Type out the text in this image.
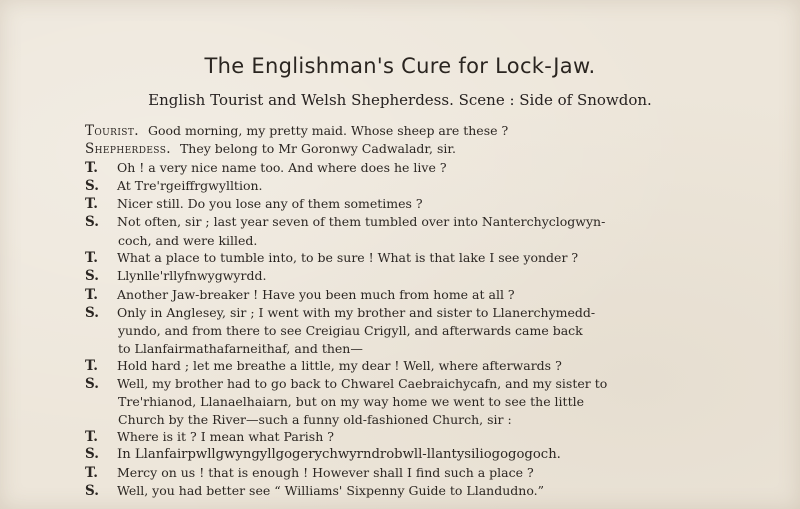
The Englishman's Cure for Lock-Jaw.
English Tourist and Welsh Shepherdess. Scene : Side of Snowdon.
Tourist. Good morning, my pretty maid. Whose sheep are these ?
Shepherdess. They belong to Mr Goronwy Cadwaladr, sir.
T.	Oh ! a very nice name too. And where does he live ?
S.	At Tre'rgeiffrgwylltion.
T.	Nicer still. Do you lose any of them sometimes ?
S.	Not often, sir ; last year seven of them tumbled over into Nanterchyclogwyn-
coch, and were killed.
T.	What a place to tumble into, to be sure ! What is that lake I see yonder ?
S.	Llynlle'rllyfnwygwyrdd.
T.	Another Jaw-breaker ! Have you been much from home at all ?
S.	Only in Anglesey, sir ; I went with my brother and sister to Llanerchymedd-
yundo, and from there to see Creigiau Crigyll, and afterwards came back
to Llanfairmathafarneithaf, and then—
T.	Hold hard ; let me breathe a little, my dear ! Well, where afterwards ?
S.	Well, my brother had to go back to Chwarel Caebraichycafn, and my sister to
Tre'rhianod, Llanaelhaiarn, but on my way home we went to see the little
Church by the River—such a funny old-fashioned Church, sir :
T.	Where is it ? I mean what Parish ?
S.	In Llanfairpwllgwyngyllgogerychwyrndrobwll-llantysiliogogogoch.
T.	Mercy on us ! that is enough ! However shall I find such a place ?
S.	Well, you had better see “ Williams' Sixpenny Guide to Llandudno.”
